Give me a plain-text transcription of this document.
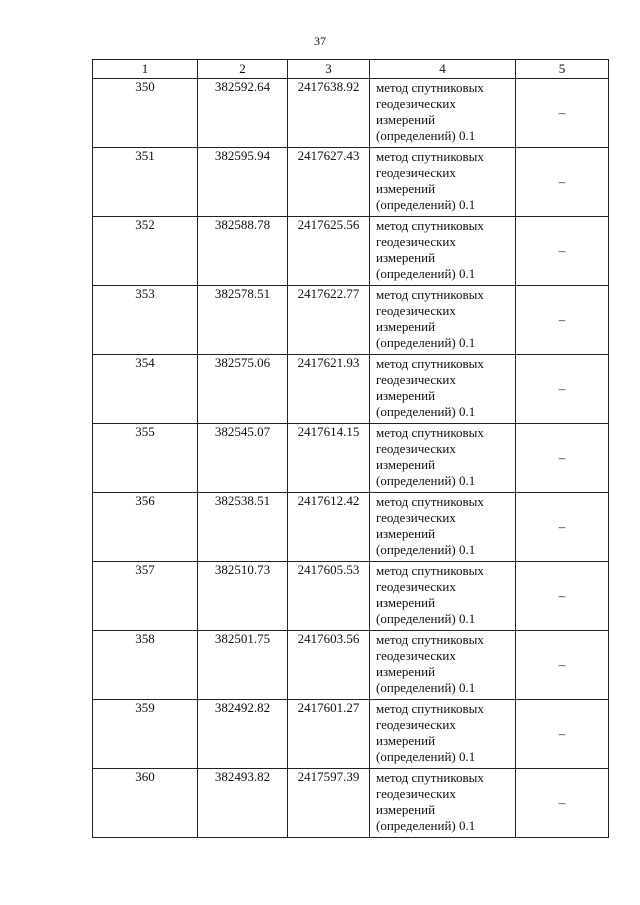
37
1	2	3	4	5
350	382592.64	2417638.92	метод спутниковых геодезических измерений (определений) 0.1	–
351	382595.94	2417627.43	метод спутниковых геодезических измерений (определений) 0.1	–
352	382588.78	2417625.56	метод спутниковых геодезических измерений (определений) 0.1	–
353	382578.51	2417622.77	метод спутниковых геодезических измерений (определений) 0.1	–
354	382575.06	2417621.93	метод спутниковых геодезических измерений (определений) 0.1	–
355	382545.07	2417614.15	метод спутниковых геодезических измерений (определений) 0.1	–
356	382538.51	2417612.42	метод спутниковых геодезических измерений (определений) 0.1	–
357	382510.73	2417605.53	метод спутниковых геодезических измерений (определений) 0.1	–
358	382501.75	2417603.56	метод спутниковых геодезических измерений (определений) 0.1	–
359	382492.82	2417601.27	метод спутниковых геодезических измерений (определений) 0.1	–
360	382493.82	2417597.39	метод спутниковых геодезических измерений (определений) 0.1	–
